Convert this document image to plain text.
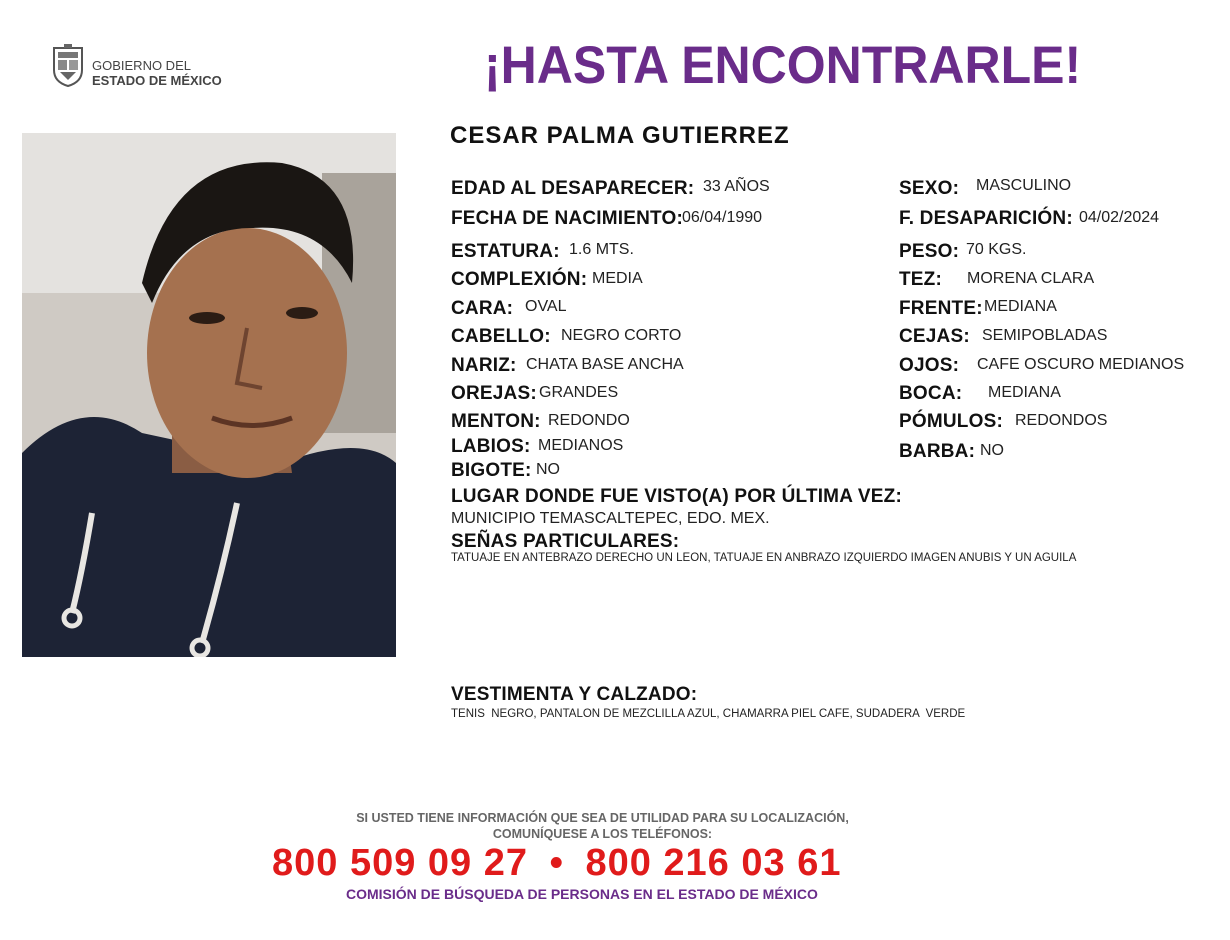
GOBIERNO DEL
ESTADO DE MÉXICO	¡HASTA ENCONTRARLE!
CESAR PALMA GUTIERREZ
EDAD AL DESAPARECER: 33 AÑOS
FECHA DE NACIMIENTO: 06/04/1990
ESTATURA: 1.6 MTS.
COMPLEXIÓN: MEDIA
CARA: OVAL
CABELLO: NEGRO CORTO
NARIZ: CHATA BASE ANCHA
OREJAS: GRANDES
MENTON: REDONDO
LABIOS: MEDIANOS
BIGOTE: NO
SEXO: MASCULINO
F. DESAPARICIÓN: 04/02/2024
PESO: 70 KGS.
TEZ: MORENA CLARA
FRENTE: MEDIANA
CEJAS: SEMIPOBLADAS
OJOS: CAFE OSCURO MEDIANOS
BOCA: MEDIANA
PÓMULOS: REDONDOS
BARBA: NO
LUGAR DONDE FUE VISTO(A) POR ÚLTIMA VEZ:
MUNICIPIO TEMASCALTEPEC, EDO. MEX.
SEÑAS PARTICULARES:
TATUAJE EN ANTEBRAZO DERECHO UN LEON, TATUAJE EN ANBRAZO IZQUIERDO IMAGEN ANUBIS Y UN AGUILA
VESTIMENTA Y CALZADO:
TENIS  NEGRO, PANTALON DE MEZCLILLA AZUL, CHAMARRA PIEL CAFE, SUDADERA  VERDE
SI USTED TIENE INFORMACIÓN QUE SEA DE UTILIDAD PARA SU LOCALIZACIÓN,
COMUNÍQUESE A LOS TELÉFONOS:
800 509 09 27 • 800 216 03 61
COMISIÓN DE BÚSQUEDA DE PERSONAS EN EL ESTADO DE MÉXICO
